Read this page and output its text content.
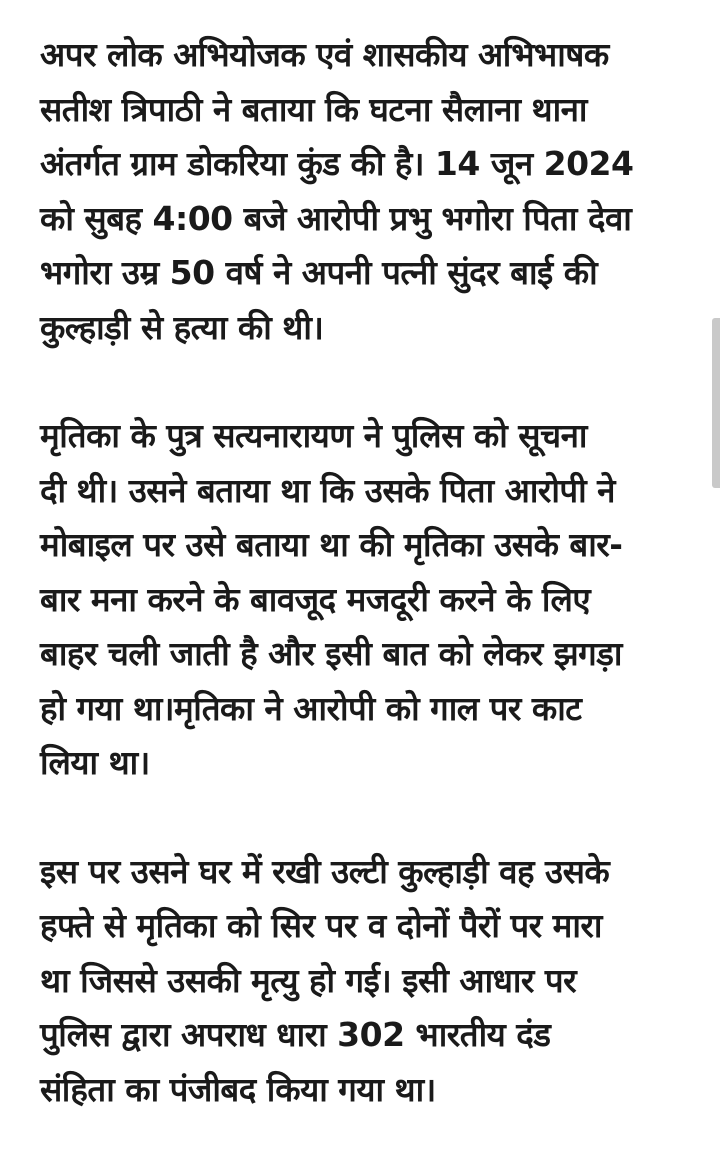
अपर लोक अभियोजक एवं शासकीय अभिभाषक
सतीश त्रिपाठी ने बताया कि घटना सैलाना थाना
अंतर्गत ग्राम डोकरिया कुंड की है। 14 जून 2024
को सुबह 4:00 बजे आरोपी प्रभु भगोरा पिता देवा
भगोरा उम्र 50 वर्ष ने अपनी पत्नी सुंदर बाई की
कुल्हाड़ी से हत्या की थी।
मृतिका के पुत्र सत्यनारायण ने पुलिस को सूचना
दी थी। उसने बताया था कि उसके पिता आरोपी ने
मोबाइल पर उसे बताया था की मृतिका उसके बार-
बार मना करने के बावजूद मजदूरी करने के लिए
बाहर चली जाती है और इसी बात को लेकर झगड़ा
हो गया था।मृतिका ने आरोपी को गाल पर काट
लिया था।
इस पर उसने घर में रखी उल्टी कुल्हाड़ी वह उसके
हफ्ते से मृतिका को सिर पर व दोनों पैरों पर मारा
था जिससे उसकी मृत्यु हो गई। इसी आधार पर
पुलिस द्वारा अपराध धारा 302 भारतीय दंड
संहिता का पंजीबद किया गया था।
